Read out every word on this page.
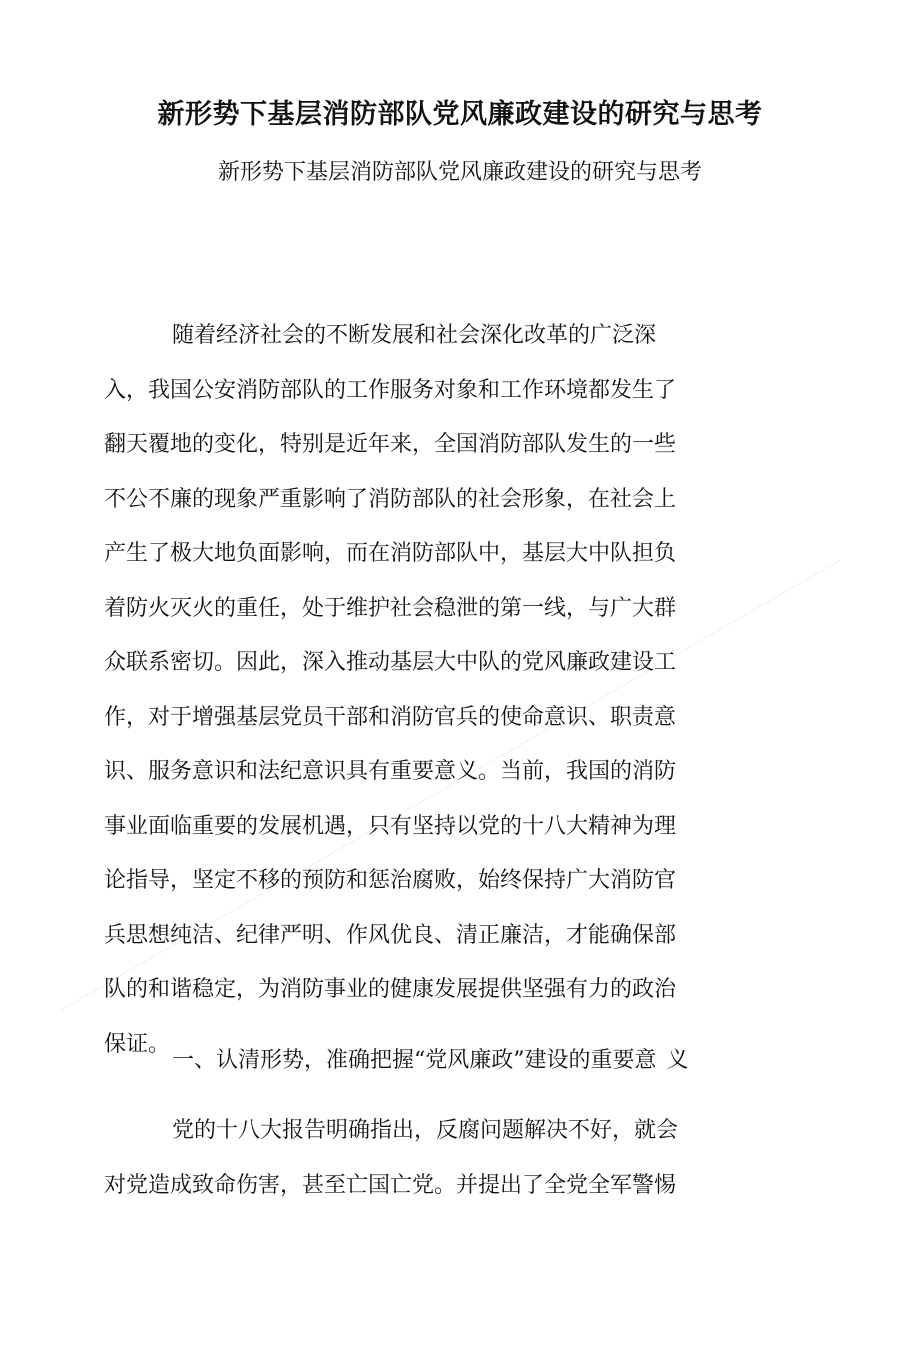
新形势下基层消防部队党风廉政建设的研究与思考
新形势下基层消防部队党风廉政建设的研究与思考
随着经济社会的不断发展和社会深化改革的广泛深
入，我国公安消防部队的工作服务对象和工作环境都发生了
翻天覆地的变化，特别是近年来，全国消防部队发生的一些
不公不廉的现象严重影响了消防部队的社会形象，在社会上
产生了极大地负面影响，而在消防部队中，基层大中队担负
着防火灭火的重任，处于维护社会稳泄的第一线，与广大群
众联系密切。因此，深入推动基层大中队的党风廉政建设工
作，对于增强基层党员干部和消防官兵的使命意识、职责意
识、服务意识和法纪意识具有重要意义。当前，我国的消防
事业面临重要的发展机遇，只有坚持以党的十八大精神为理
论指导，坚定不移的预防和惩治腐败，始终保持广大消防官
兵思想纯洁、纪律严明、作风优良、清正廉洁，才能确保部
队的和谐稳定，为消防事业的健康发展提供坚强有力的政治
保证。
一、认清形势，准确把握“党风廉政”建设的重要意 义
党的十八大报告明确指出，反腐问题解决不好，就会
对党造成致命伤害，甚至亡国亡党。并提出了全党全军警惕
